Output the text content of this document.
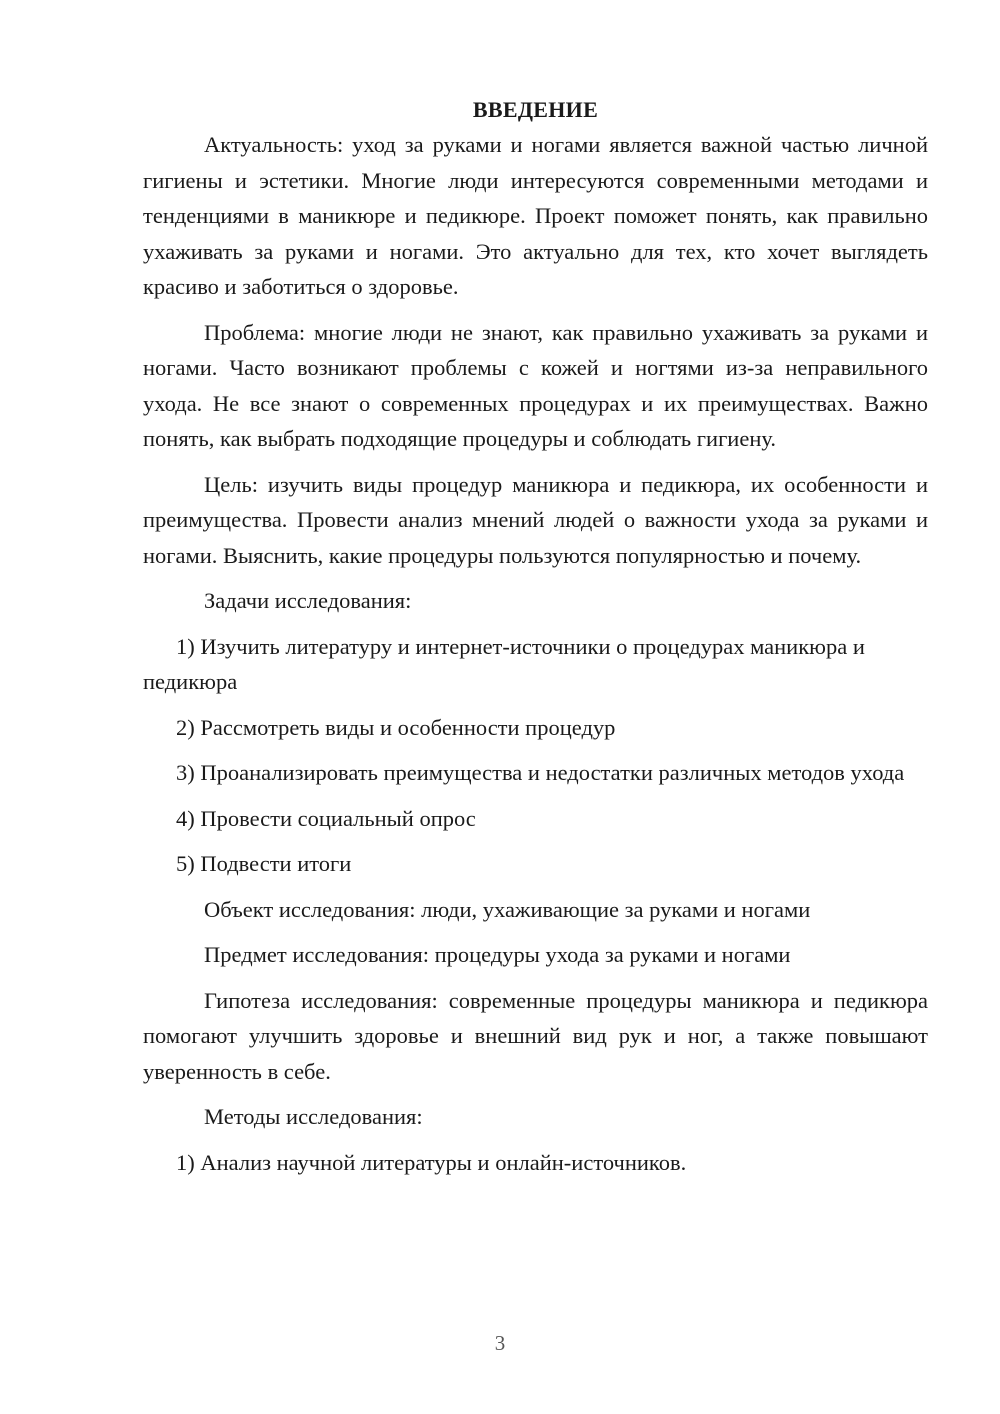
ВВЕДЕНИЕ

Актуальность: уход за руками и ногами является важной частью личной гигиены и эстетики. Многие люди интересуются современными методами и тенденциями в маникюре и педикюре. Проект поможет понять, как правильно ухаживать за руками и ногами. Это актуально для тех, кто хочет выглядеть красиво и заботиться о здоровье.

Проблема: многие люди не знают, как правильно ухаживать за руками и ногами. Часто возникают проблемы с кожей и ногтями из-за неправильного ухода. Не все знают о современных процедурах и их преимуществах. Важно понять, как выбрать подходящие процедуры и соблюдать гигиену.

Цель: изучить виды процедур маникюра и педикюра, их особенности и преимущества. Провести анализ мнений людей о важности ухода за руками и ногами. Выяснить, какие процедуры пользуются популярностью и почему.

Задачи исследования:

1) Изучить литературу и интернет-источники о процедурах маникюра и педикюра

2) Рассмотреть виды и особенности процедур

3) Проанализировать преимущества и недостатки различных методов ухода

4) Провести социальный опрос

5) Подвести итоги

Объект исследования: люди, ухаживающие за руками и ногами

Предмет исследования: процедуры ухода за руками и ногами

Гипотеза исследования: современные процедуры маникюра и педикюра помогают улучшить здоровье и внешний вид рук и ног, а также повышают уверенность в себе.

Методы исследования:

1) Анализ научной литературы и онлайн-источников.

3
